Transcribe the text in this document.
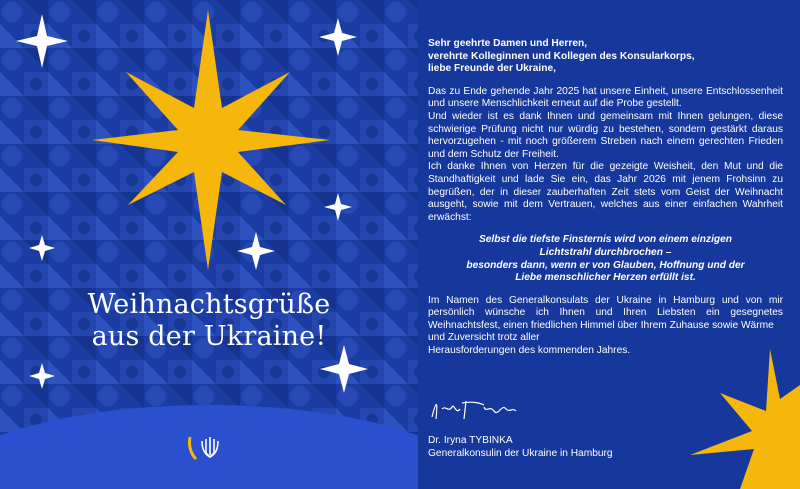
Weihnachtsgrüße
aus der Ukraine!

Sehr geehrte Damen und Herren,

verehrte Kolleginnen und Kollegen des Konsularkorps,

liebe Freunde der Ukraine,

Das zu Ende gehende Jahr 2025 hat unsere Einheit, unsere Entschlossenheit und unsere Menschlichkeit erneut auf die Probe gestellt.

Und wieder ist es dank Ihnen und gemeinsam mit Ihnen gelungen, diese schwierige Prüfung nicht nur würdig zu bestehen, sondern gestärkt daraus hervorzugehen - mit noch größerem Streben nach einem gerechten Frieden und dem Schutz der Freiheit.

Ich danke Ihnen von Herzen für die gezeigte Weisheit, den Mut und die Standhaftigkeit und lade Sie ein, das Jahr 2026 mit jenem Frohsinn zu begrüßen, der in dieser zauberhaften Zeit stets vom Geist der Weihnacht ausgeht, sowie mit dem Vertrauen, welches aus einer einfachen Wahrheit erwächst:

Selbst die tiefste Finsternis wird von einem einzigen

Lichtstrahl durchbrochen –

besonders dann, wenn er von Glauben, Hoffnung und der

Liebe menschlicher Herzen erfüllt ist.

Im Namen des Generalkonsulats der Ukraine in Hamburg und von mir persönlich wünsche ich Ihnen und Ihren Liebsten ein gesegnetes Weihnachtsfest, einen friedlichen Himmel über Ihrem Zuhause sowie Wärme

und Zuversicht trotz aller

Herausforderungen des kommenden Jahres.

Dr. Iryna TYBINKA
Generalkonsulin der Ukraine in Hamburg
